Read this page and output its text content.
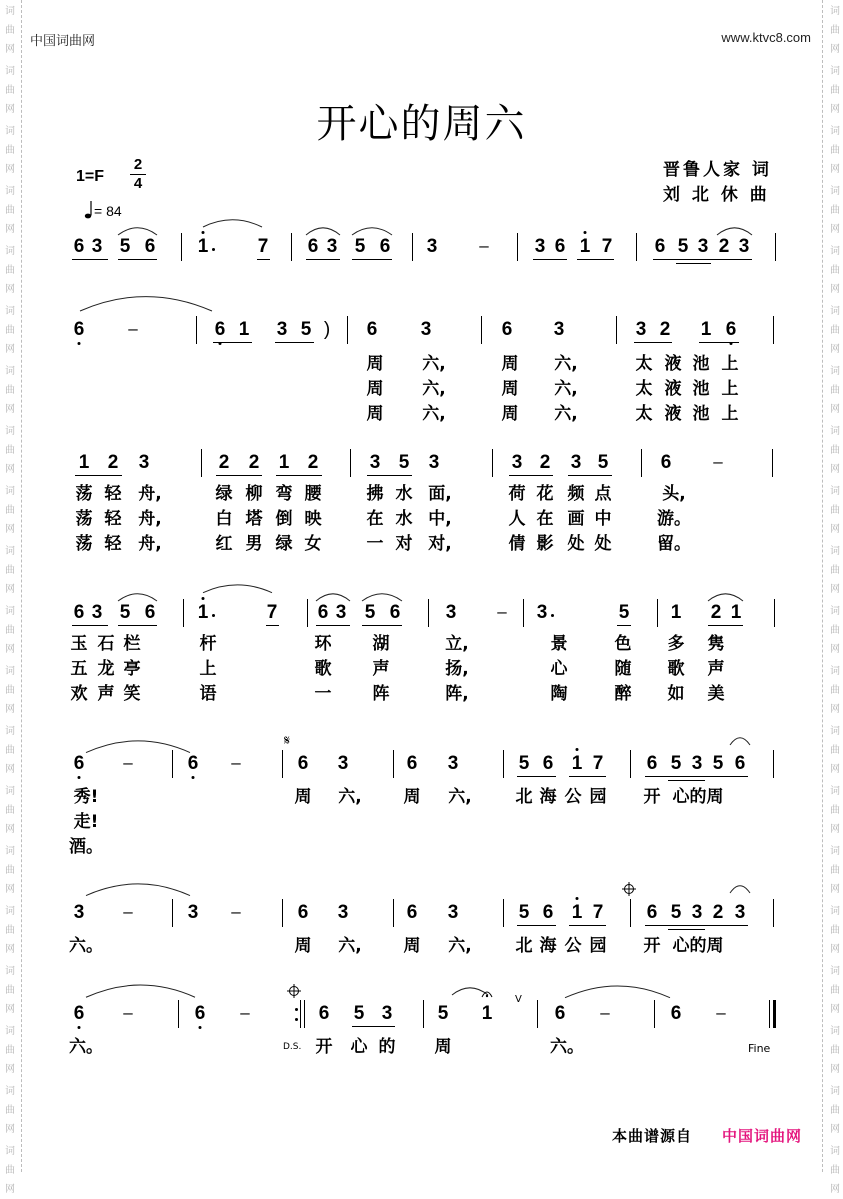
词
曲
网
词
曲
网
词
曲
网
词
曲
网
词
曲
网
词
曲
网
词
曲
网
词
曲
网
词
曲
网
词
曲
网
词
曲
网
词
曲
网
词
曲
网
词
曲
网
词
曲
网
词
曲
网
词
曲
网
词
曲
网
词
曲
网
词
曲
网
词
曲
网
词
曲
网
词
曲
网
词
曲
网
词
曲
网
词
曲
网
词
曲
网
词
曲
网
词
曲
网
词
曲
网
词
曲
网
词
曲
网
词
曲
网
词
曲
网
词
曲
网
词
曲
网
词
曲
网
词
曲
网
词
曲
网
词
曲
网
中国词曲网	www.ktvc8.com
开心的周六
晋鲁人家 词
刘 北 休 曲
1=F
2
4
= 84
6 3 5 6 1	7 6 3 5 6 3	3 6 1 7 6 5 3 2 3
–
6	6 1 3 5	6 3	6 3	3 2 1 6
–	)
周 六,	周 六,	太 液 池 上
周 六,	周 六,	太 液 池 上
周 六,	周 六,	太 液 池 上
1 2 3	2 2 1 2	3 5 3	3 2 3 5	6 –
荡 轻 舟,	绿 柳 弯 腰	拂 水 面,	荷 花 频 点	头,
荡 轻 舟,	白 塔 倒 映	在 水 中,	人 在 画 中	游。
荡 轻 舟,	红 男 绿 女	一 对 对,	倩 影 处 处	留。
6 3 5 6 1	7 6 3 5 6 3	3	5 1 2 1
–
玉 石 栏	杆	环 湖	立,	景	色 多 隽
五 龙 亭	上	歌 声	扬,	心	随 歌 声
欢 声 笑	语	一 阵	阵,	陶	醉 如 美
6	6	6 3	6 3	5 6 1 7 6 5 3 5 6
–	–
秀!	周 六, 周 六,	北 海 公 园 开 心的周
走!
酒。
𝄋
3	3	6 3	6 3	5 6 1 7 6 5 3 2 3
–	–
六。	周 六, 周 六,	北 海 公 园 开 心的周
6	6	6 5 3 5 1	6	6
–	–	–	–
六。	开 心 的 周	六。
V
D.S.	Fine
本曲谱源自 中国词曲网
